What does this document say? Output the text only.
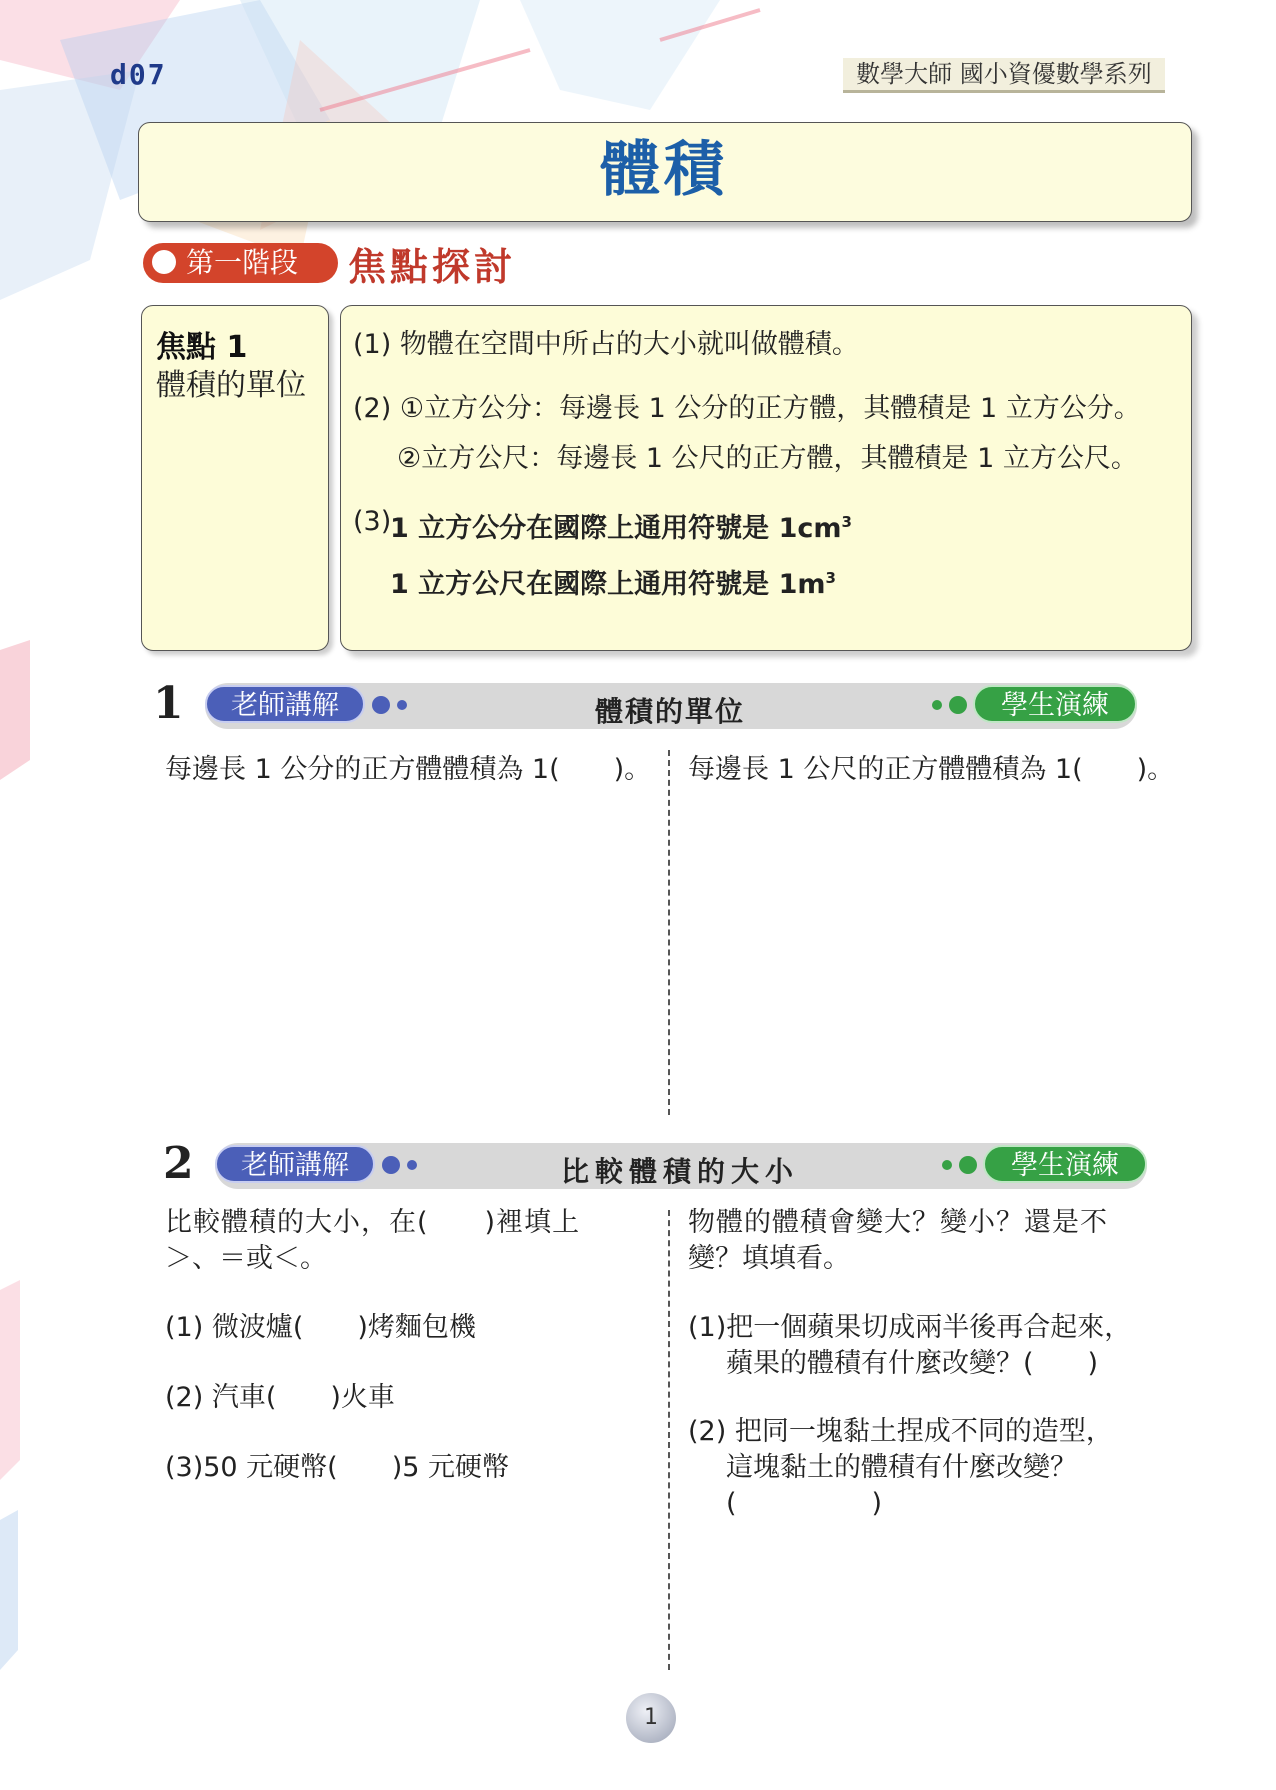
d07	數學大師 國小資優數學系列
體積
第一階段 焦點探討
焦點 1
體積的單位
(1) 物體在空間中所占的大小就叫做體積。
(2) ①立方公分：每邊長 1 公分的正方體，其體積是 1 立方公分。
②立方公尺：每邊長 1 公尺的正方體，其體積是 1 立方公尺。
(3)
1 立方公分在國際上通用符號是 $1cm^3$
1 立方公尺在國際上通用符號是 $1m^3$
1	老師講解	體積的單位	學生演練
每邊長 1 公分的正方體體積為 1(　　)。 每邊長 1 公尺的正方體體積為 1(　　)。
2	老師講解	比較體積的大小	學生演練
比較體積的大小，在(　　)裡填上
＞、＝或＜。
(1) 微波爐(　　)烤麵包機
(2) 汽車(　　)火車
(3)50 元硬幣(　　)5 元硬幣
物體的體積會變大？變小？還是不
變？填填看。
(1)把一個蘋果切成兩半後再合起來，
蘋果的體積有什麼改變？(　　)
(2) 把同一塊黏土捏成不同的造型，
這塊黏土的體積有什麼改變？
(　　　　　)
1
